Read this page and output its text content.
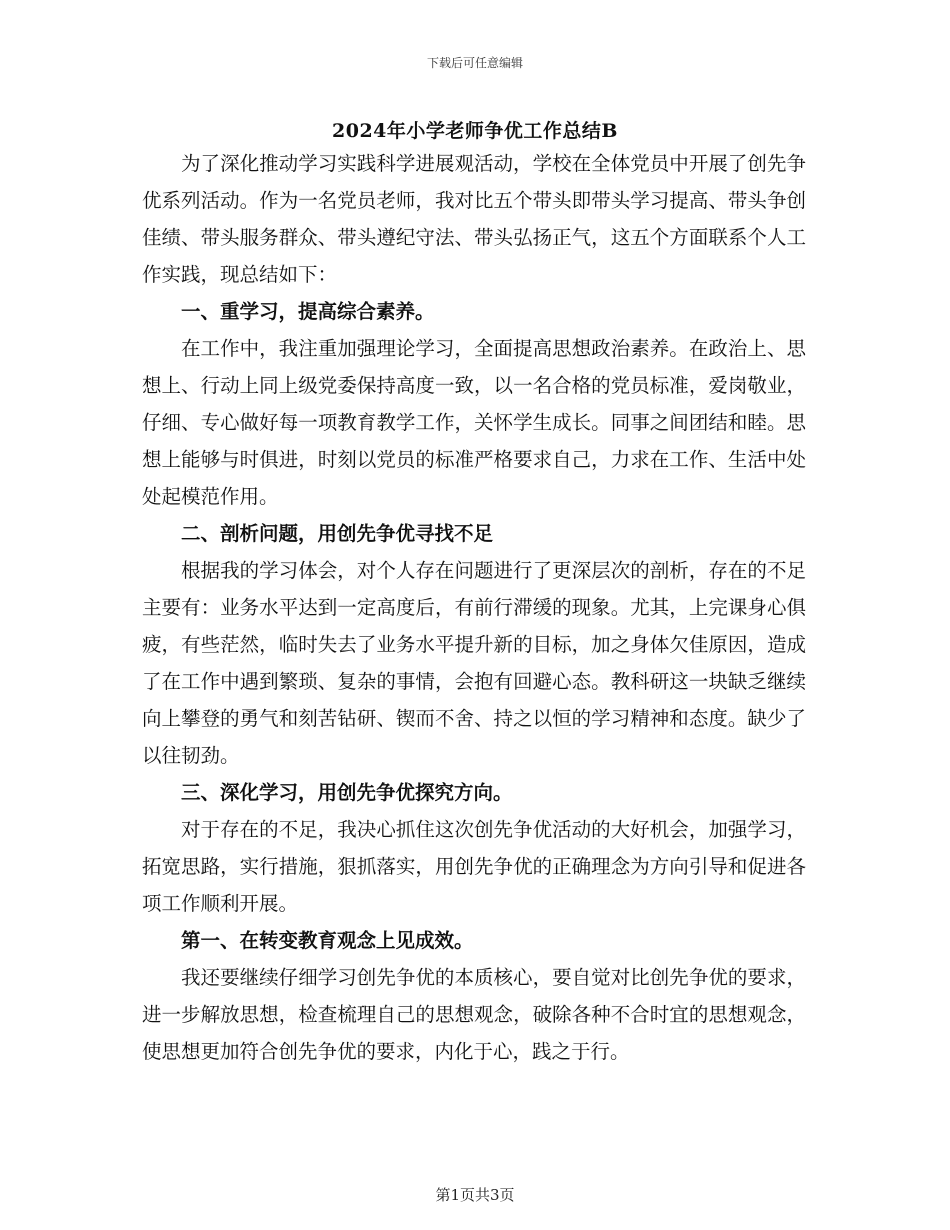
下载后可任意编辑
2024年小学老师争优工作总结B

为了深化推动学习实践科学进展观活动，学校在全体党员中开展了创先争优系列活动。作为一名党员老师，我对比五个带头即带头学习提高、带头争创佳绩、带头服务群众、带头遵纪守法、带头弘扬正气，这五个方面联系个人工作实践，现总结如下：

一、重学习，提高综合素养。

在工作中，我注重加强理论学习，全面提高思想政治素养。在政治上、思想上、行动上同上级党委保持高度一致，以一名合格的党员标准，爱岗敬业，仔细、专心做好每一项教育教学工作，关怀学生成长。同事之间团结和睦。思想上能够与时俱进，时刻以党员的标准严格要求自己，力求在工作、生活中处处起模范作用。

二、剖析问题，用创先争优寻找不足

根据我的学习体会，对个人存在问题进行了更深层次的剖析，存在的不足主要有：业务水平达到一定高度后，有前行滞缓的现象。尤其，上完课身心俱疲，有些茫然，临时失去了业务水平提升新的目标，加之身体欠佳原因，造成了在工作中遇到繁琐、复杂的事情，会抱有回避心态。教科研这一块缺乏继续向上攀登的勇气和刻苦钻研、锲而不舍、持之以恒的学习精神和态度。缺少了以往韧劲。

三、深化学习，用创先争优探究方向。

对于存在的不足，我决心抓住这次创先争优活动的大好机会，加强学习，拓宽思路，实行措施，狠抓落实，用创先争优的正确理念为方向引导和促进各项工作顺利开展。

第一、在转变教育观念上见成效。

我还要继续仔细学习创先争优的本质核心，要自觉对比创先争优的要求，进一步解放思想，检查梳理自己的思想观念，破除各种不合时宜的思想观念，使思想更加符合创先争优的要求，内化于心，践之于行。

第1页共3页
